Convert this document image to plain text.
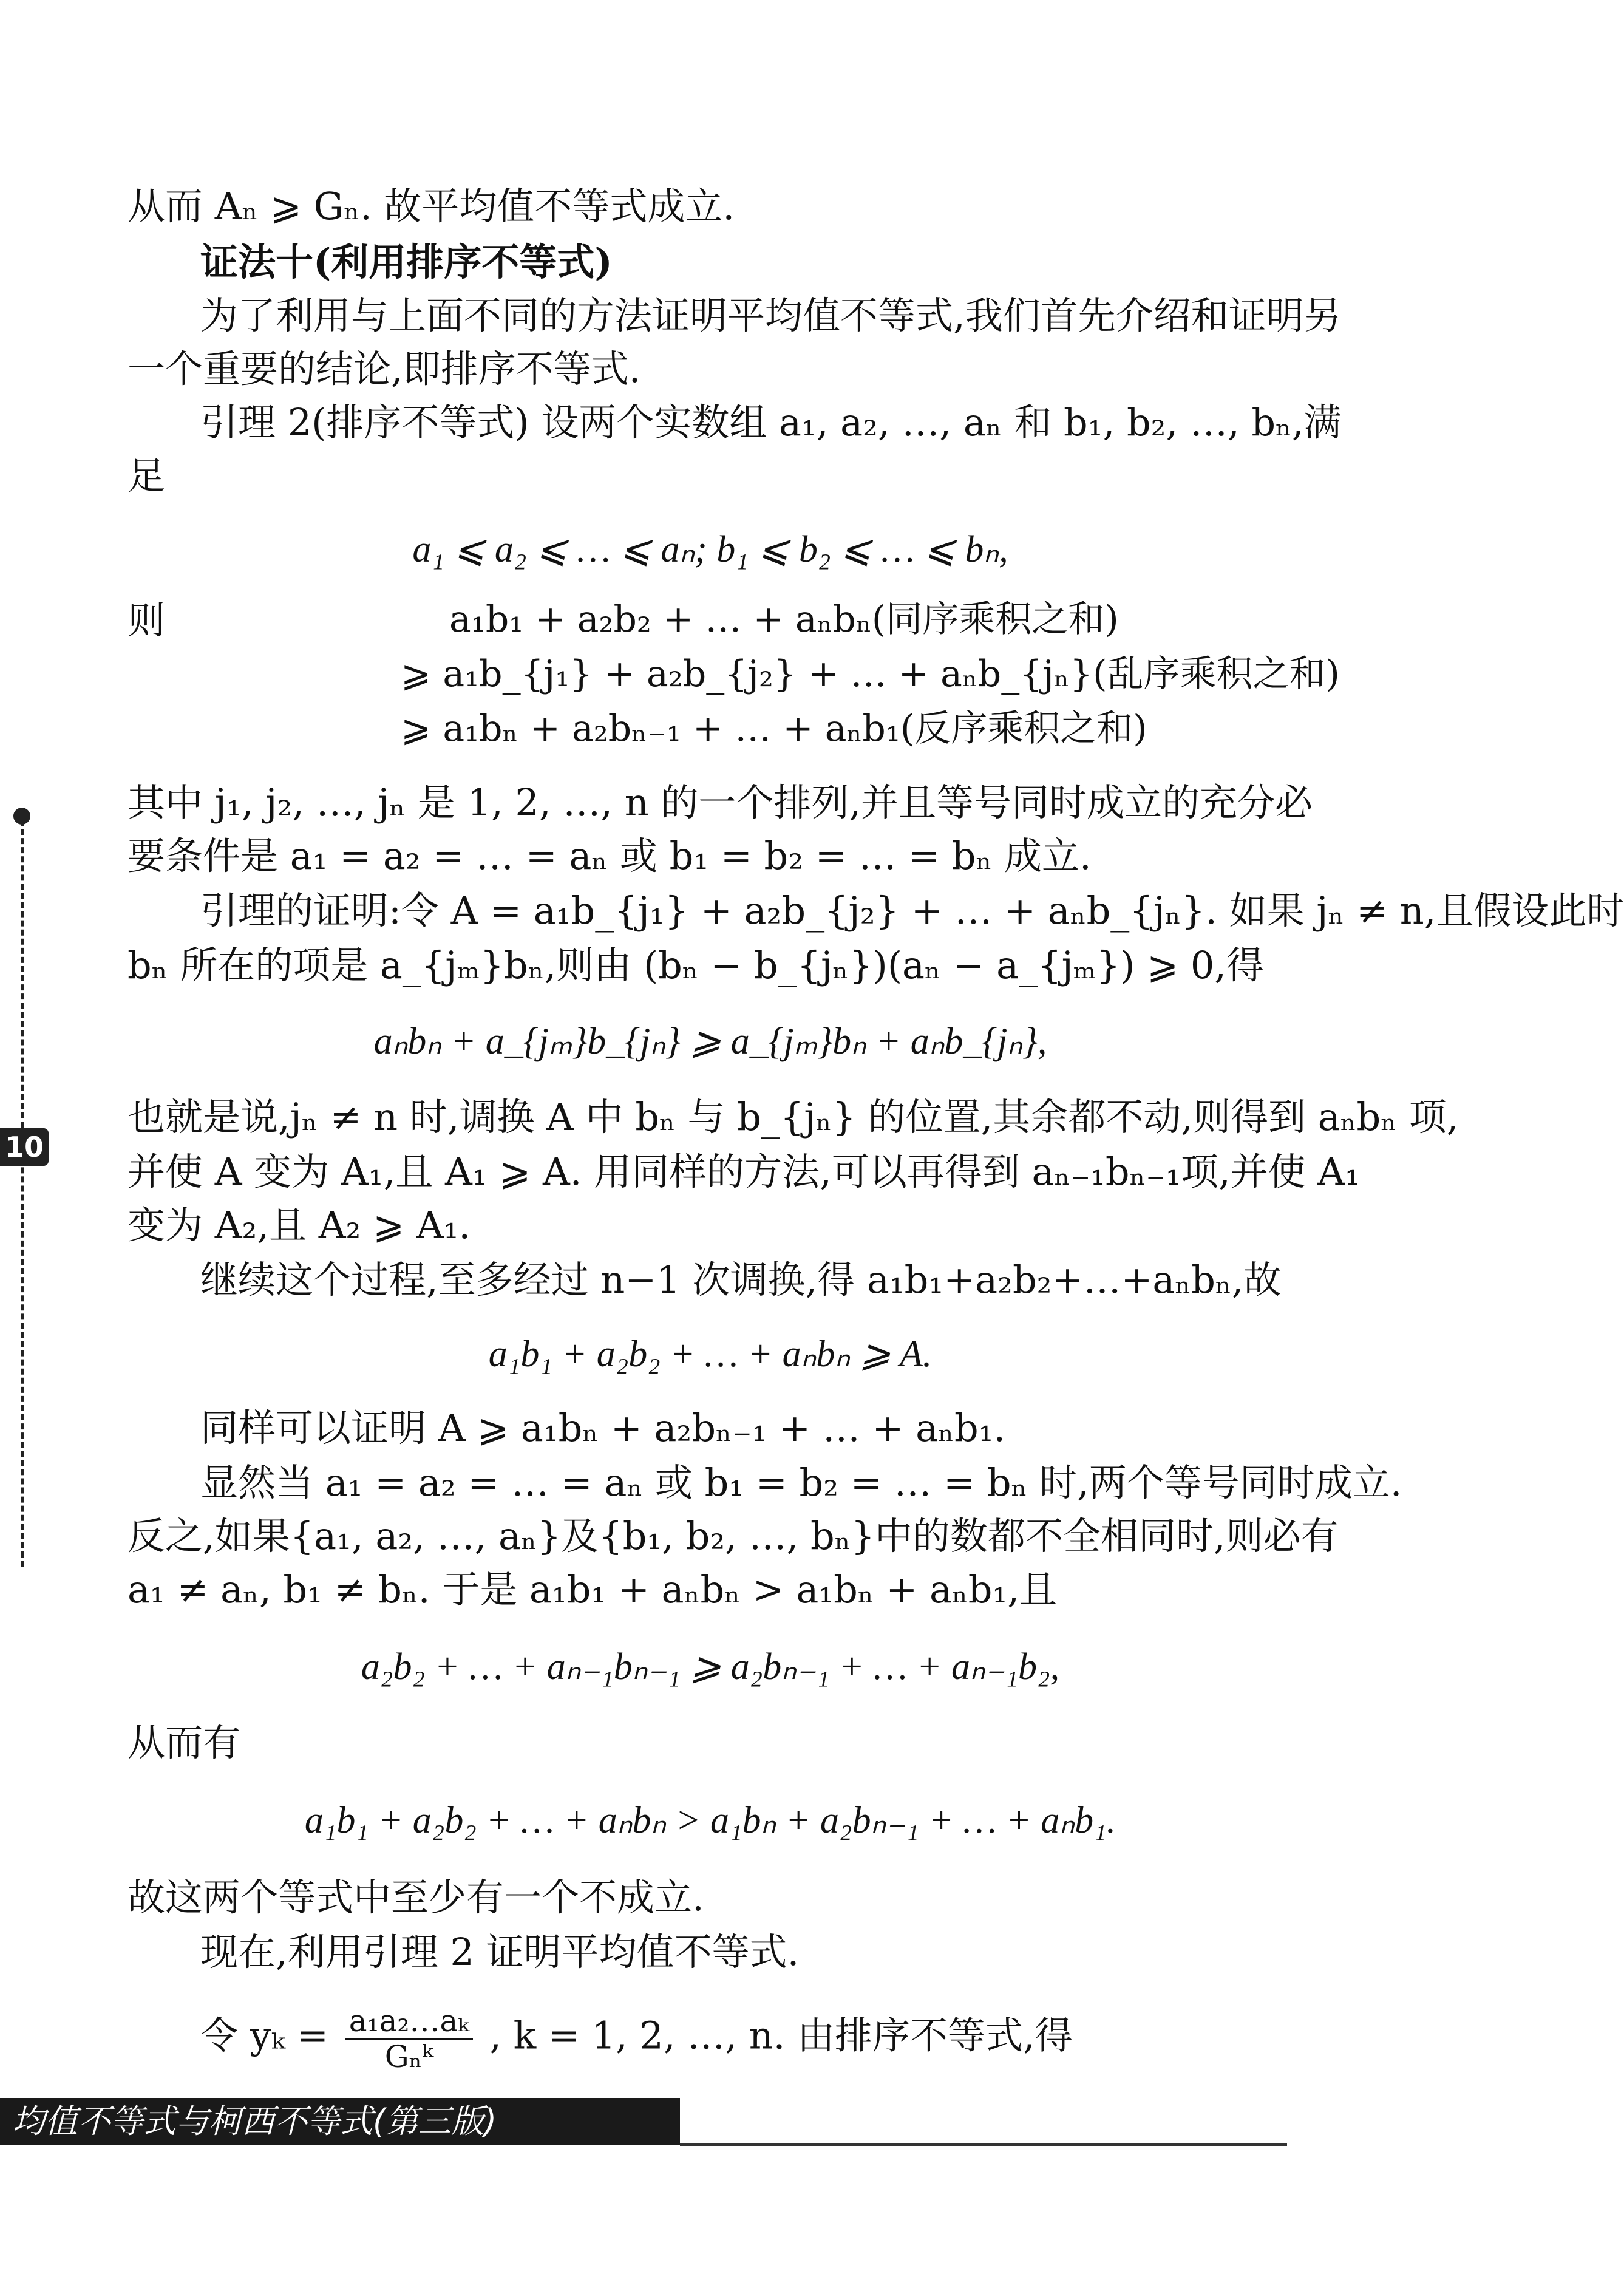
10
从而 Aₙ ⩾ Gₙ. 故平均值不等式成立.
证法十(利用排序不等式)
为了利用与上面不同的方法证明平均值不等式,我们首先介绍和证明另
一个重要的结论,即排序不等式.
引理 2(排序不等式) 设两个实数组 a₁, a₂, …, aₙ 和 b₁, b₂, …, bₙ,满
足
a₁ ⩽ a₂ ⩽ … ⩽ aₙ; b₁ ⩽ b₂ ⩽ … ⩽ bₙ,
则	a₁b₁ + a₂b₂ + … + aₙbₙ(同序乘积之和)
⩾ a₁b_{j₁} + a₂b_{j₂} + … + aₙb_{jₙ}(乱序乘积之和)
⩾ a₁bₙ + a₂bₙ₋₁ + … + aₙb₁(反序乘积之和)
其中 j₁, j₂, …, jₙ 是 1, 2, …, n 的一个排列,并且等号同时成立的充分必
要条件是 a₁ = a₂ = … = aₙ 或 b₁ = b₂ = … = bₙ 成立.
引理的证明:令 A = a₁b_{j₁} + a₂b_{j₂} + … + aₙb_{jₙ}. 如果 jₙ ≠ n,且假设此时
bₙ 所在的项是 a_{jₘ}bₙ,则由 (bₙ − b_{jₙ})(aₙ − a_{jₘ}) ⩾ 0,得
aₙbₙ + a_{jₘ}b_{jₙ} ⩾ a_{jₘ}bₙ + aₙb_{jₙ},
也就是说,jₙ ≠ n 时,调换 A 中 bₙ 与 b_{jₙ} 的位置,其余都不动,则得到 aₙbₙ 项,
并使 A 变为 A₁,且 A₁ ⩾ A. 用同样的方法,可以再得到 aₙ₋₁bₙ₋₁项,并使 A₁
变为 A₂,且 A₂ ⩾ A₁.
继续这个过程,至多经过 n−1 次调换,得 a₁b₁+a₂b₂+…+aₙbₙ,故
a₁b₁ + a₂b₂ + … + aₙbₙ ⩾ A.
同样可以证明 A ⩾ a₁bₙ + a₂bₙ₋₁ + … + aₙb₁.
显然当 a₁ = a₂ = … = aₙ 或 b₁ = b₂ = … = bₙ 时,两个等号同时成立.
反之,如果{a₁, a₂, …, aₙ}及{b₁, b₂, …, bₙ}中的数都不全相同时,则必有
a₁ ≠ aₙ, b₁ ≠ bₙ. 于是 a₁b₁ + aₙbₙ > a₁bₙ + aₙb₁,且
a₂b₂ + … + aₙ₋₁bₙ₋₁ ⩾ a₂bₙ₋₁ + … + aₙ₋₁b₂,
从而有
a₁b₁ + a₂b₂ + … + aₙbₙ > a₁bₙ + a₂bₙ₋₁ + … + aₙb₁.
故这两个等式中至少有一个不成立.
现在,利用引理 2 证明平均值不等式.
令 yₖ = a₁a₂…aₖ
Gₙᵏ	, k = 1, 2, …, n. 由排序不等式,得
均值不等式与柯西不等式(第三版)
